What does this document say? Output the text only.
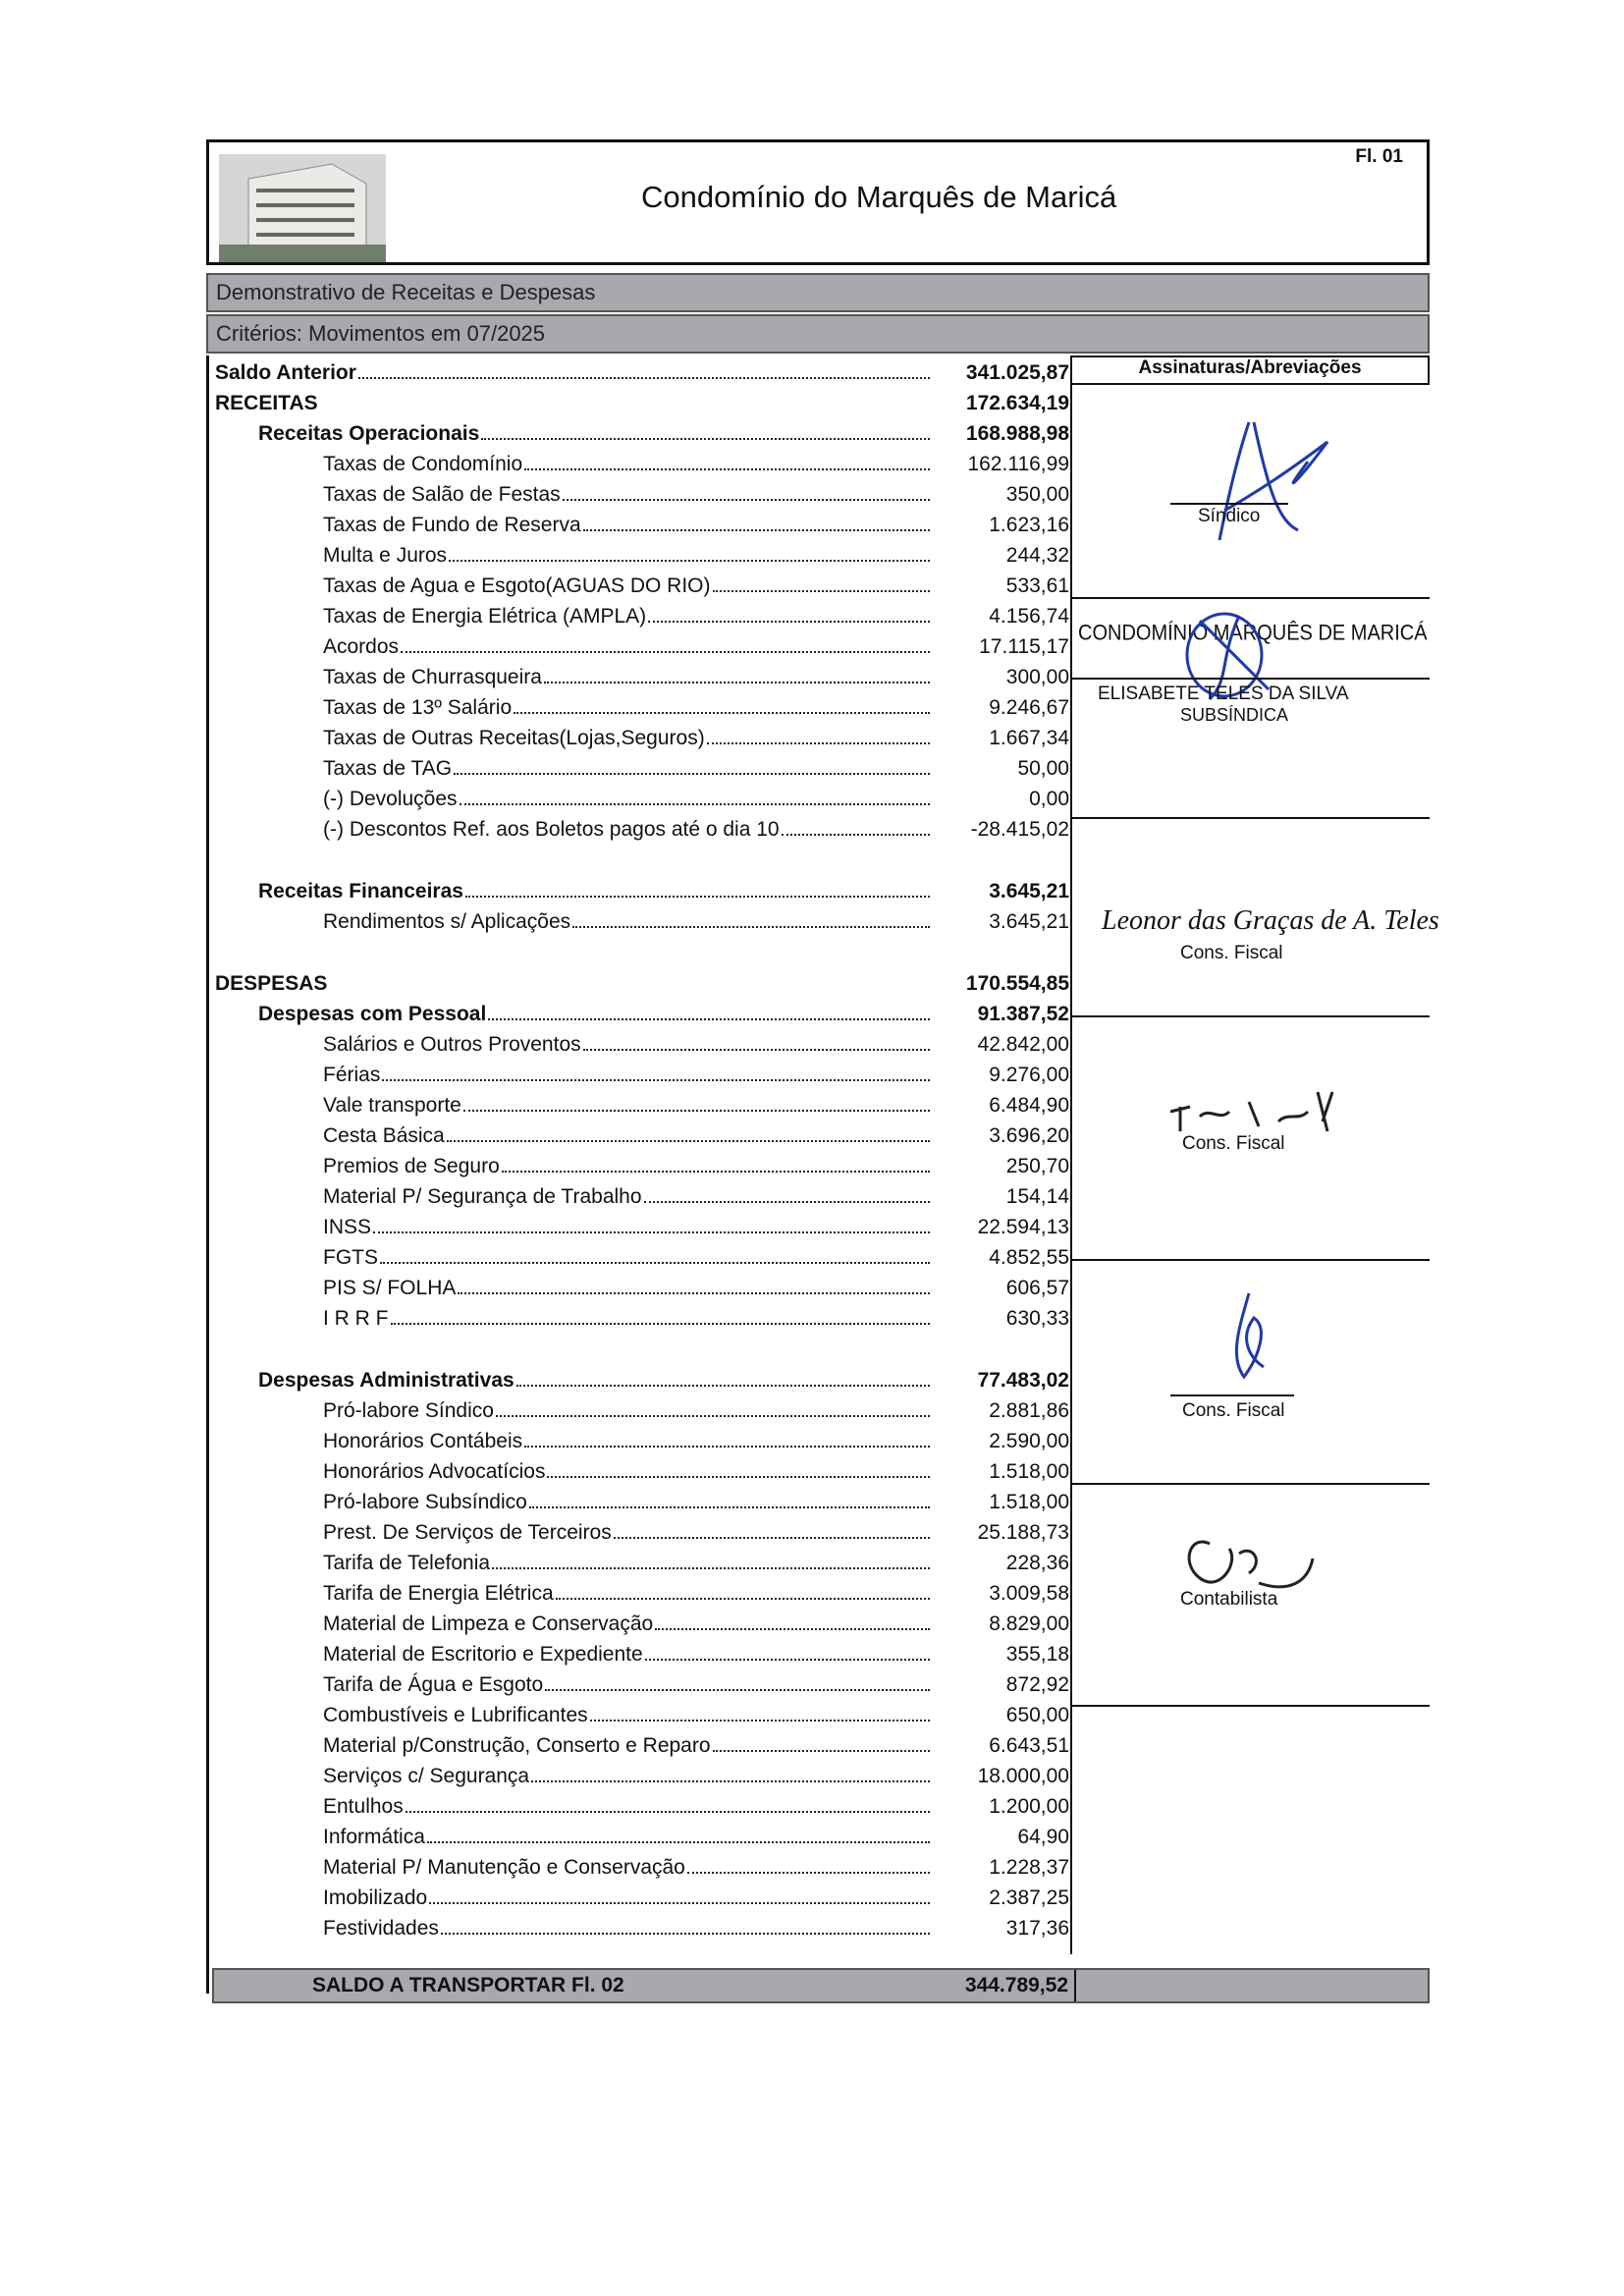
Condomínio do Marquês de Maricá
Fl. 01
Demonstrativo de Receitas e Despesas
Critérios: Movimentos em 07/2025
Saldo Anterior	341.025,87
RECEITAS	172.634,19
Receitas Operacionais	168.988,98
Taxas de Condomínio	162.116,99
Taxas de Salão de Festas	350,00
Taxas de Fundo de Reserva	1.623,16
Multa e Juros	244,32
Taxas de Agua e Esgoto(AGUAS DO RIO)	533,61
Taxas de Energia Elétrica (AMPLA)	4.156,74
Acordos	17.115,17
Taxas de Churrasqueira	300,00
Taxas de 13º Salário	9.246,67
Taxas de Outras Receitas(Lojas,Seguros)	1.667,34
Taxas de TAG	50,00
(-) Devoluções	0,00
(-) Descontos Ref. aos Boletos pagos até o dia 10	-28.415,02
Receitas Financeiras	3.645,21
Rendimentos s/ Aplicações	3.645,21
DESPESAS	170.554,85
Despesas com Pessoal	91.387,52
Salários e Outros Proventos	42.842,00
Férias	9.276,00
Vale transporte	6.484,90
Cesta Básica	3.696,20
Premios de Seguro	250,70
Material P/ Segurança de Trabalho	154,14
INSS	22.594,13
FGTS	4.852,55
PIS S/ FOLHA	606,57
I R R F	630,33
Despesas Administrativas	77.483,02
Pró-labore Síndico	2.881,86
Honorários Contábeis	2.590,00
Honorários Advocatícios	1.518,00
Pró-labore Subsíndico	1.518,00
Prest. De Serviços de Terceiros	25.188,73
Tarifa de Telefonia	228,36
Tarifa de Energia Elétrica	3.009,58
Material de Limpeza e Conservação	8.829,00
Material de Escritorio e Expediente	355,18
Tarifa de Água e Esgoto	872,92
Combustíveis e Lubrificantes	650,00
Material p/Construção, Conserto e Reparo	6.643,51
Serviços c/ Segurança	18.000,00
Entulhos	1.200,00
Informática	64,90
Material P/ Manutenção e Conservação	1.228,37
Imobilizado	2.387,25
Festividades	317,36
Assinaturas/Abreviações
Síndico
CONDOMÍNIO MARQUÊS DE MARICÁ
ELISABETE TELES DA SILVA
SUBSÍNDICA
Leonor das Graças de A. Teles
Cons. Fiscal
Cons. Fiscal
Cons. Fiscal
Contabilista
SALDO A TRANSPORTAR Fl. 02	344.789,52
